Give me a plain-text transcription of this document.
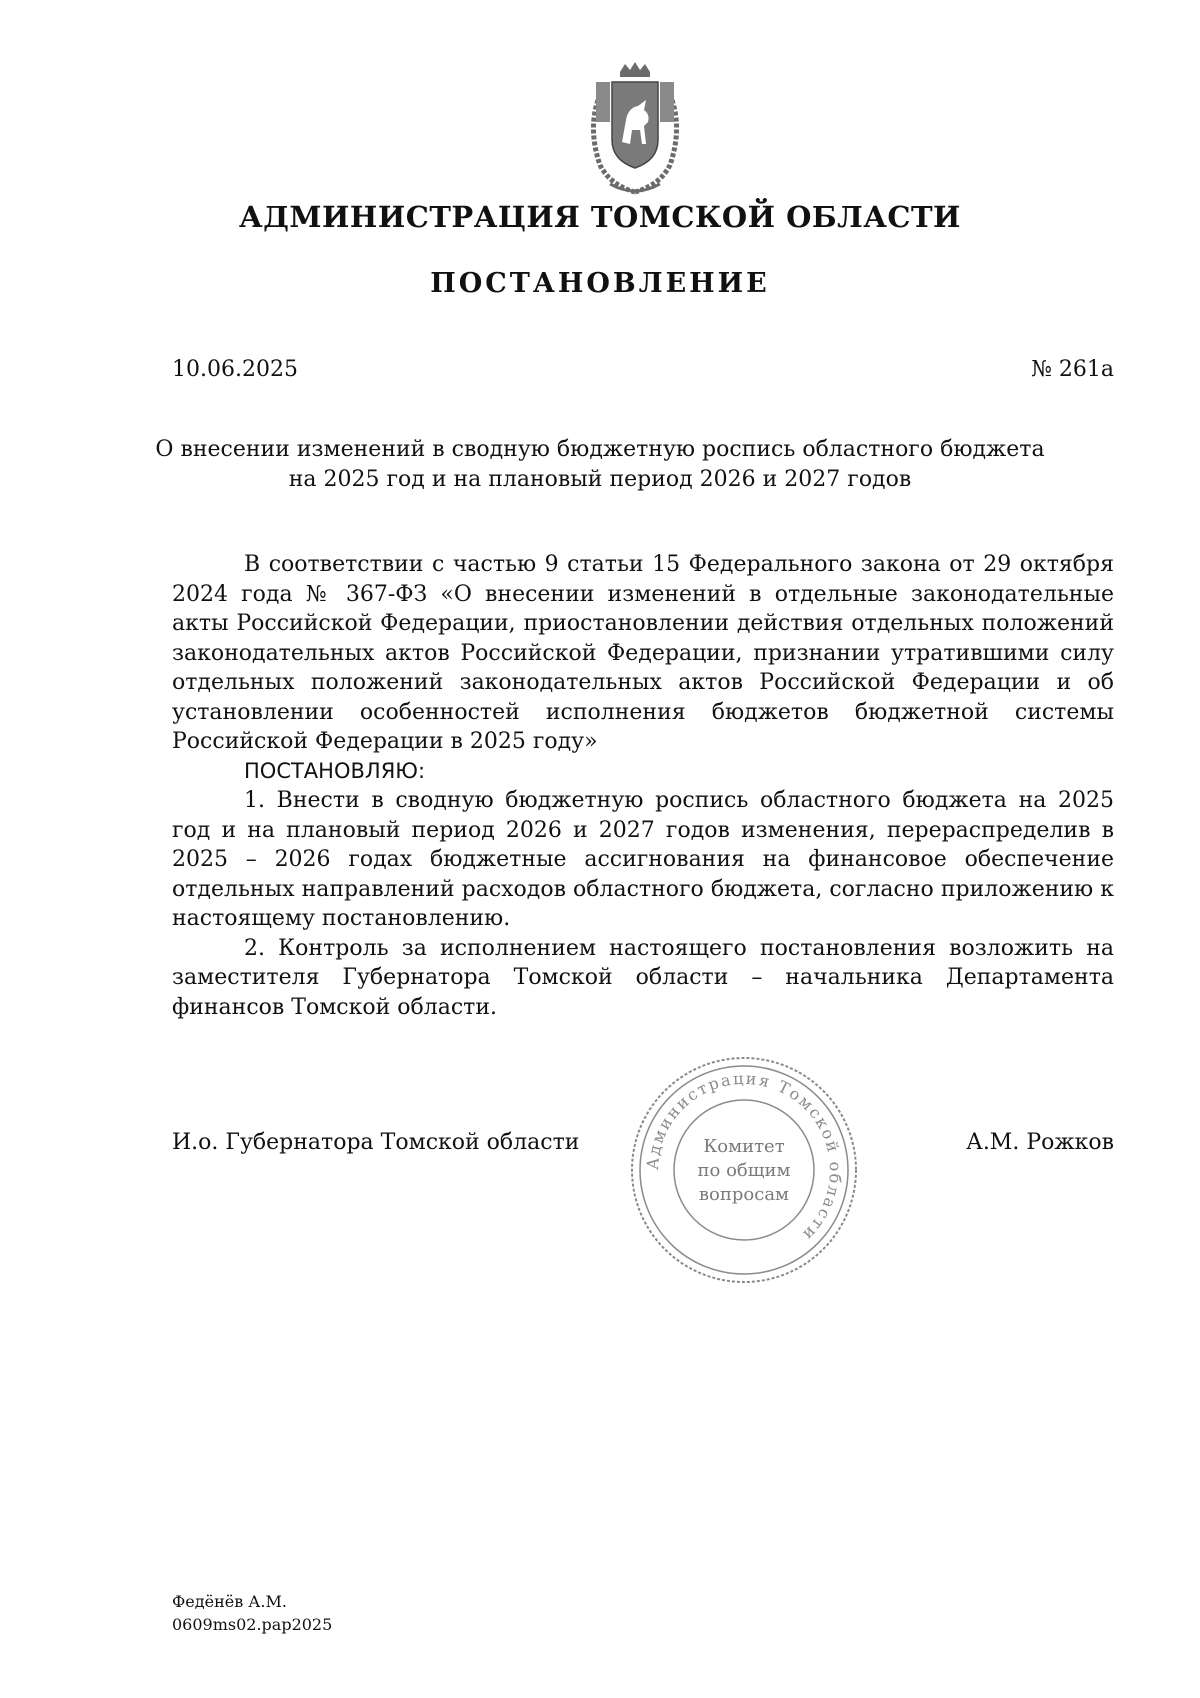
АДМИНИСТРАЦИЯ ТОМСКОЙ ОБЛАСТИ
ПОСТАНОВЛЕНИЕ
10.06.2025	№ 261а
О внесении изменений в сводную бюджетную роспись областного бюджета
на 2025 год и на плановый период 2026 и 2027 годов

В соответствии с частью 9 статьи 15 Федерального закона от 29 октября 2024 года № 367-ФЗ «О внесении изменений в отдельные законодательные акты Российской Федерации, приостановлении действия отдельных положений законодательных актов Российской Федерации, признании утратившими силу отдельных положений законодательных актов Российской Федерации и об установлении особенностей исполнения бюджетов бюджетной системы Российской Федерации в 2025 году»

ПОСТАНОВЛЯЮ:

1. Внести в сводную бюджетную роспись областного бюджета на 2025 год и на плановый период 2026 и 2027 годов изменения, перераспределив в 2025 – 2026 годах бюджетные ассигнования на финансовое обеспечение отдельных направлений расходов областного бюджета, согласно приложению к настоящему постановлению.

2. Контроль за исполнением настоящего постановления возложить на заместителя Губернатора Томской области – начальника Департамента финансов Томской области.

И.о. Губернатора Томской области
Администрация Томской области
Комитет
по общим
вопросам
А.М. Рожков
Федёнёв А.М.
0609ms02.pap2025
